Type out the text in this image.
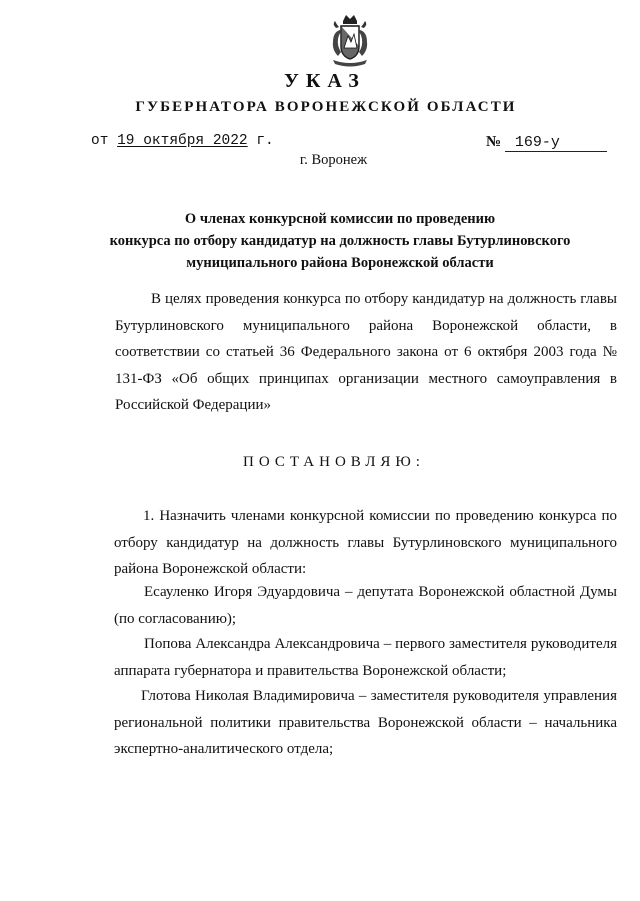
УКАЗ
ГУБЕРНАТОРА ВОРОНЕЖСКОЙ ОБЛАСТИ
от 19 октября 2022 г.	№ 169-у
г. Воронеж
О членах конкурсной комиссии по проведению
конкурса по отбору кандидатур на должность главы Бутурлиновского
муниципального района Воронежской области
В целях проведения конкурса по отбору кандидатур на должность главы Бутурлиновского муниципального района Воронежской области, в соответствии со статьей 36 Федерального закона от 6 октября 2003 года № 131-ФЗ «Об общих принципах организации местного самоуправления в Российской Федерации»
ПОСТАНОВЛЯЮ:
1. Назначить членами конкурсной комиссии по проведению конкурса по отбору кандидатур на должность главы Бутурлиновского муниципального района Воронежской области:
Есауленко Игоря Эдуардовича – депутата Воронежской областной Думы (по согласованию);
Попова Александра Александровича – первого заместителя руководителя аппарата губернатора и правительства Воронежской области;
Глотова Николая Владимировича – заместителя руководителя управления региональной политики правительства Воронежской области – начальника экспертно-аналитического отдела;
